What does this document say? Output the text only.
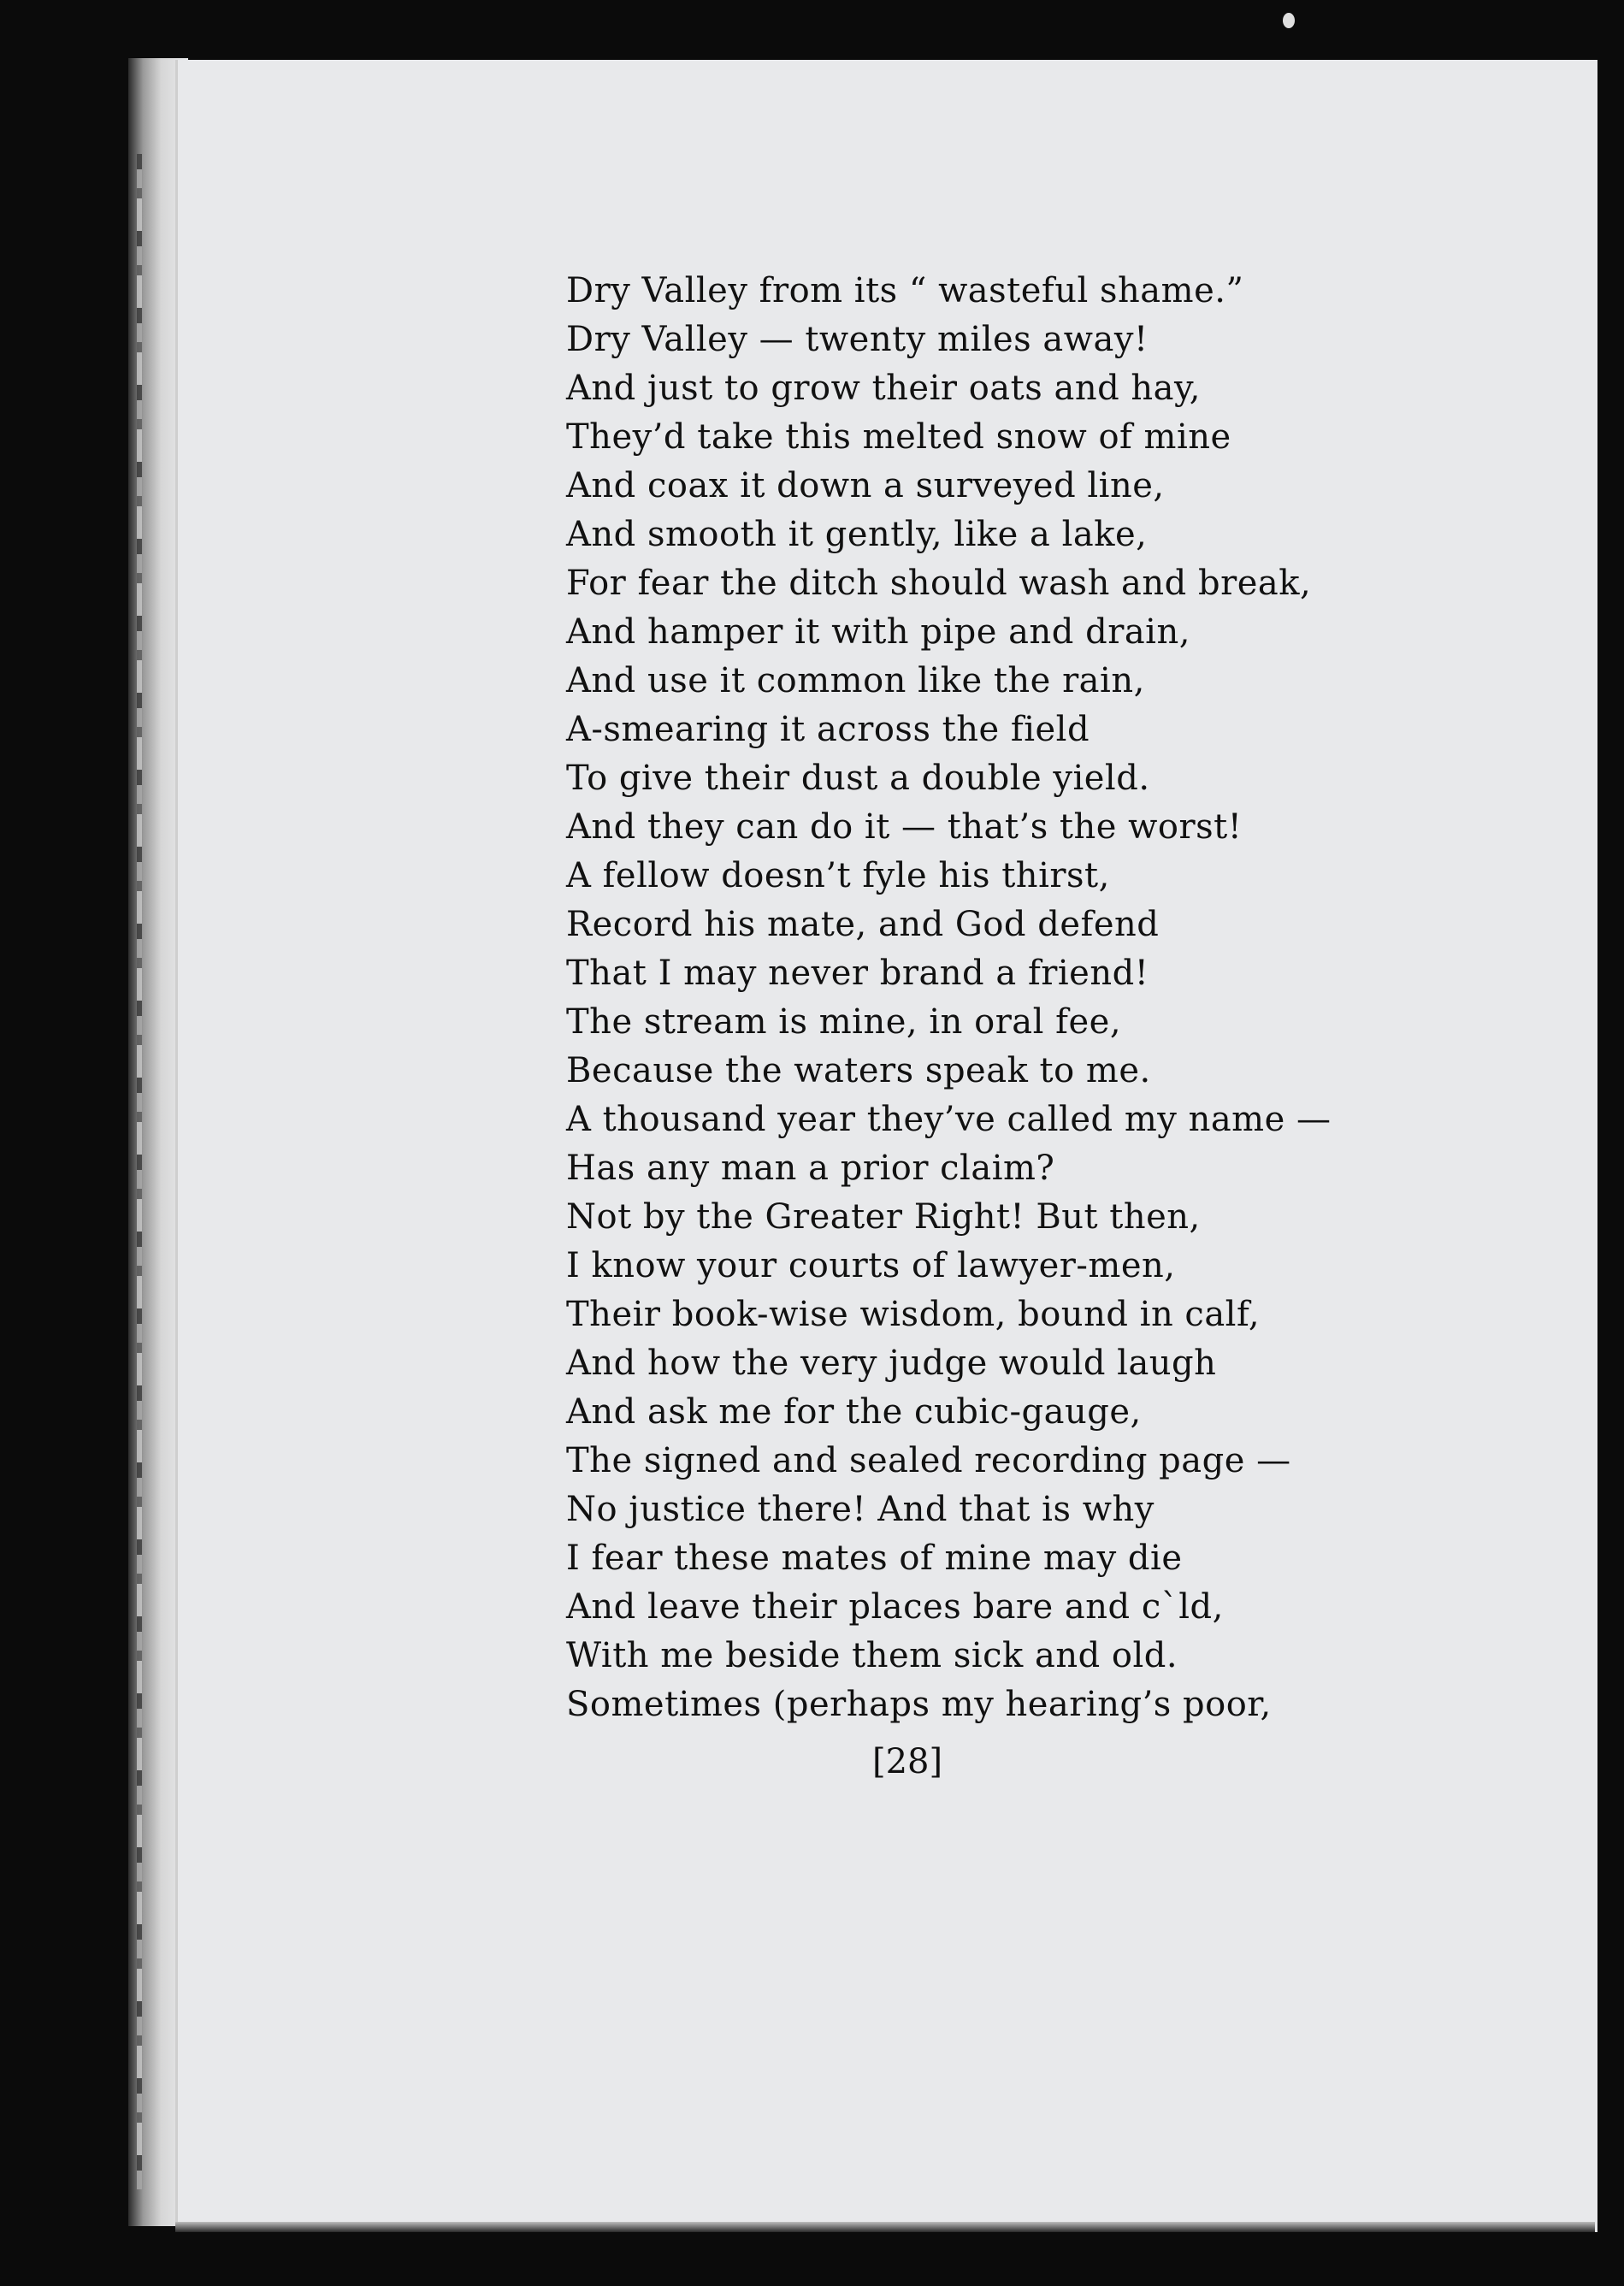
Dry Valley from its “ wasteful shame.”
Dry Valley — twenty miles away!
And just to grow their oats and hay,
They’d take this melted snow of mine
And coax it down a surveyed line,
And smooth it gently, like a lake,
For fear the ditch should wash and break,
And hamper it with pipe and drain,
And use it common like the rain,
A-smearing it across the field
To give their dust a double yield.
And they can do it — that’s the worst!
A fellow doesn’t fyle his thirst,
Record his mate, and God defend
That I may never brand a friend!
The stream is mine, in oral fee,
Because the waters speak to me.
A thousand year they’ve called my name —
Has any man a prior claim?
Not by the Greater Right! But then,
I know your courts of lawyer-men,
Their book-wise wisdom, bound in calf,
And how the very judge would laugh
And ask me for the cubic-gauge,
The signed and sealed recording page —
No justice there! And that is why
I fear these mates of mine may die
And leave their places bare and cˋld,
With me beside them sick and old.
Sometimes (perhaps my hearing’s poor,
[28]
